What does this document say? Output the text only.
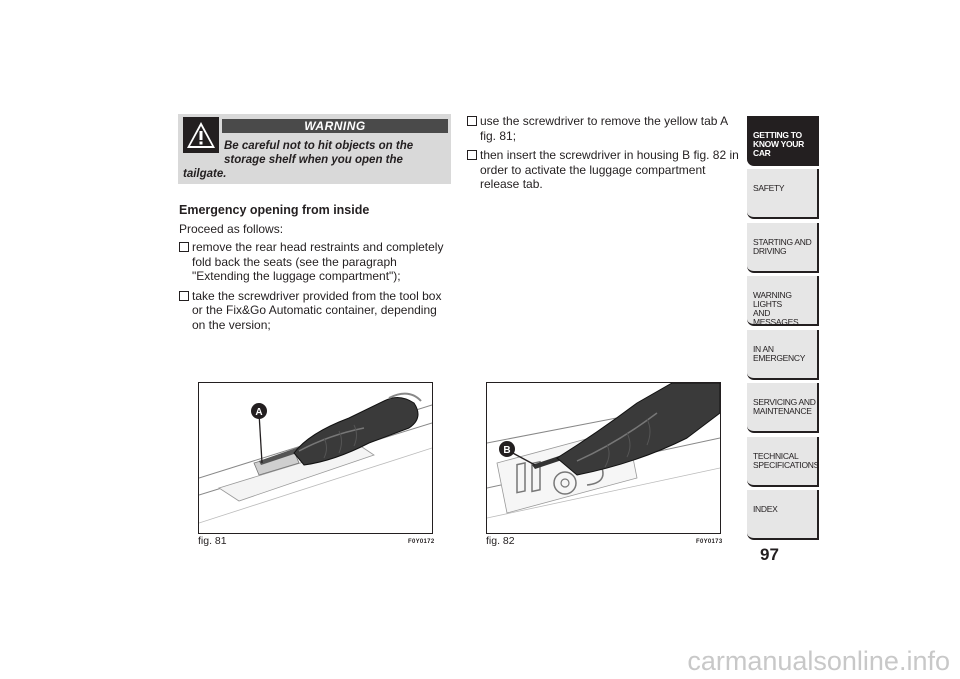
WARNING
Be careful not to hit objects on the
storage shelf when you open the
tailgate.
Emergency opening from inside
Proceed as follows:
remove the rear head restraints and completely fold back the seats (see the paragraph "Extending the luggage compartment");
take the screwdriver provided from the tool box or the Fix&Go Automatic container, depending on the version;
use the screwdriver to remove the yellow tab A fig. 81;
then insert the screwdriver in housing B fig. 82 in order to activate the luggage compartment release tab.
A
fig. 81	F0Y0172
B
fig. 82	F0Y0173
GETTING TO
KNOW YOUR CAR
SAFETY
STARTING AND
DRIVING
WARNING LIGHTS
AND MESSAGES
IN AN EMERGENCY
SERVICING AND
MAINTENANCE
TECHNICAL
SPECIFICATIONS
INDEX
97
carmanualsonline.info
